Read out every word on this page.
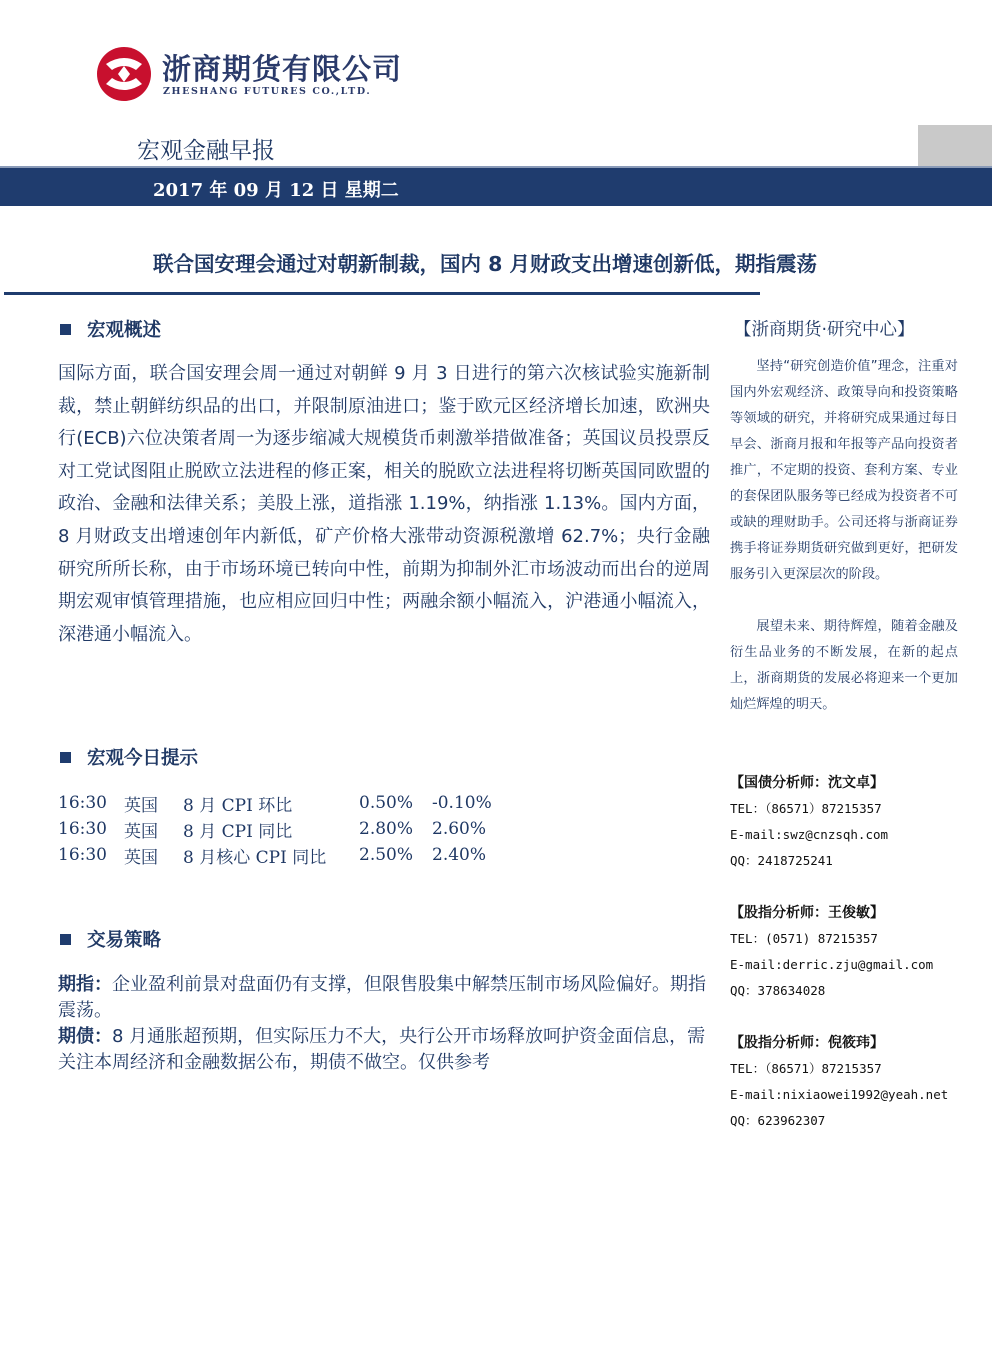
浙商期货有限公司
ZHESHANG FUTURES CO.,LTD.
宏观金融早报
2017 年 09 月 12 日 星期二
联合国安理会通过对朝新制裁，国内 8 月财政支出增速创新低，期指震荡
宏观概述
国际方面，联合国安理会周一通过对朝鲜 9 月 3 日进行的第六次核试验实施新制裁，禁止朝鲜纺织品的出口，并限制原油进口；鉴于欧元区经济增长加速，欧洲央行(ECB)六位决策者周一为逐步缩减大规模货币刺激举措做准备；英国议员投票反对工党试图阻止脱欧立法进程的修正案，相关的脱欧立法进程将切断英国同欧盟的政治、金融和法律关系；美股上涨，道指涨 1.19%，纳指涨 1.13%。国内方面，8 月财政支出增速创年内新低，矿产价格大涨带动资源税激增 62.7%；央行金融研究所所长称，由于市场环境已转向中性，前期为抑制外汇市场波动而出台的逆周期宏观审慎管理措施，也应相应回归中性；两融余额小幅流入，沪港通小幅流入，深港通小幅流入。
宏观今日提示
16:30	英国	8 月 CPI 环比	0.50%	-0.10%
16:30	英国	8 月 CPI 同比	2.80%	2.60%
16:30	英国	8 月核心 CPI 同比	2.50%	2.40%
交易策略
期指：企业盈利前景对盘面仍有支撑，但限售股集中解禁压制市场风险偏好。期指震荡。
期债：8 月通胀超预期，但实际压力不大，央行公开市场释放呵护资金面信息，需关注本周经济和金融数据公布，期债不做空。仅供参考
【浙商期货·研究中心】
坚持“研究创造价值”理念，注重对国内外宏观经济、政策导向和投资策略等领域的研究，并将研究成果通过每日早会、浙商月报和年报等产品向投资者推广，不定期的投资、套利方案、专业的套保团队服务等已经成为投资者不可或缺的理财助手。公司还将与浙商证券携手将证券期货研究做到更好，把研发服务引入更深层次的阶段。
展望未来、期待辉煌，随着金融及衍生品业务的不断发展，在新的起点上，浙商期货的发展必将迎来一个更加灿烂辉煌的明天。
【国债分析师：沈文卓】
TEL：（86571）87215357
E-mail:swz@cnzsqh.com
QQ：2418725241
【股指分析师：王俊敏】
TEL：(0571) 87215357
E-mail:derric.zju@gmail.com
QQ：378634028
【股指分析师：倪筱玮】
TEL：（86571）87215357
E-mail:nixiaowei1992@yeah.net
QQ：623962307
